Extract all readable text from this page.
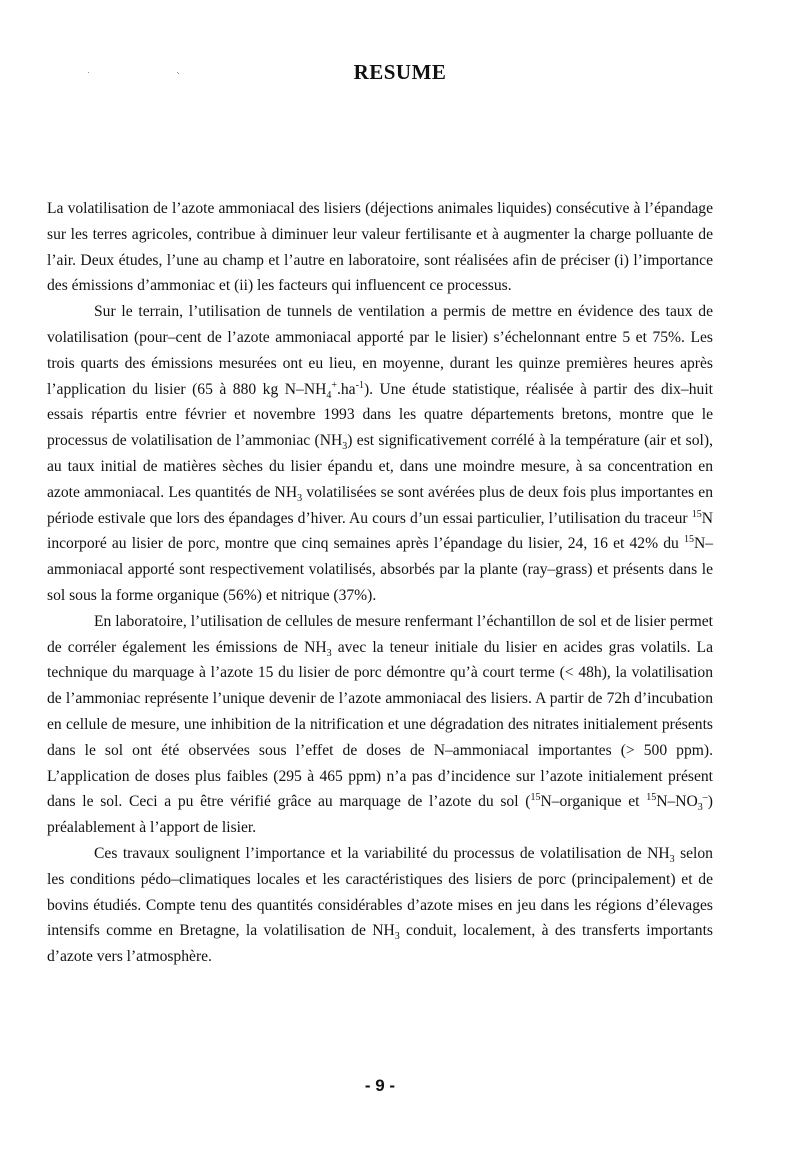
RESUME

La volatilisation de l’azote ammoniacal des lisiers (déjections animales liquides) consécutive à l’épandage sur les terres agricoles, contribue à diminuer leur valeur fertilisante et à augmenter la charge polluante de l’air. Deux études, l’une au champ et l’autre en laboratoire, sont réalisées afin de préciser (i) l’importance des émissions d’ammoniac et (ii) les facteurs qui influencent ce processus.

Sur le terrain, l’utilisation de tunnels de ventilation a permis de mettre en évidence des taux de volatilisation (pour–cent de l’azote ammoniacal apporté par le lisier) s’échelonnant entre 5 et 75%. Les trois quarts des émissions mesurées ont eu lieu, en moyenne, durant les quinze premières heures après l’application du lisier (65 à 880 kg $N-NH_4^+.ha^{-1}$). Une étude statistique, réalisée à partir des dix–huit essais répartis entre février et novembre 1993 dans les quatre départements bretons, montre que le processus de volatilisation de l’ammoniac $(NH_3)$ est significativement corrélé à la température (air et sol), au taux initial de matières sèches du lisier épandu et, dans une moindre mesure, à sa concentration en azote ammoniacal. Les quantités de $NH_3$ volatilisées se sont avérées plus de deux fois plus importantes en période estivale que lors des épandages d’hiver. Au cours d’un essai particulier, l’utilisation du traceur $^{15}$N incorporé au lisier de porc, montre que cinq semaines après l’épandage du lisier, 24, 16 et 42% du $^{15}$N–ammoniacal apporté sont respectivement volatilisés, absorbés par la plante (ray–grass) et présents dans le sol sous la forme organique (56%) et nitrique (37%).

En laboratoire, l’utilisation de cellules de mesure renfermant l’échantillon de sol et de lisier permet de corréler également les émissions de $NH_3$ avec la teneur initiale du lisier en acides gras volatils. La technique du marquage à l’azote 15 du lisier de porc démontre qu’à court terme (< 48h), la volatilisation de l’ammoniac représente l’unique devenir de l’azote ammoniacal des lisiers. A partir de 72h d’incubation en cellule de mesure, une inhibition de la nitrification et une dégradation des nitrates initialement présents dans le sol ont été observées sous l’effet de doses de N–ammoniacal importantes (> 500 ppm). L’application de doses plus faibles (295 à 465 ppm) n’a pas d’incidence sur l’azote initialement présent dans le sol. Ceci a pu être vérifié grâce au marquage de l’azote du sol ($^{15}$N–organique et $^{15}N-NO_3^-$) préalablement à l’apport de lisier.

Ces travaux soulignent l’importance et la variabilité du processus de volatilisation de $NH_3$ selon les conditions pédo–climatiques locales et les caractéristiques des lisiers de porc (principalement) et de bovins étudiés. Compte tenu des quantités considérables d’azote mises en jeu dans les régions d’élevages intensifs comme en Bretagne, la volatilisation de $NH_3$ conduit, localement, à des transferts importants d’azote vers l’atmosphère.

- 9 -
